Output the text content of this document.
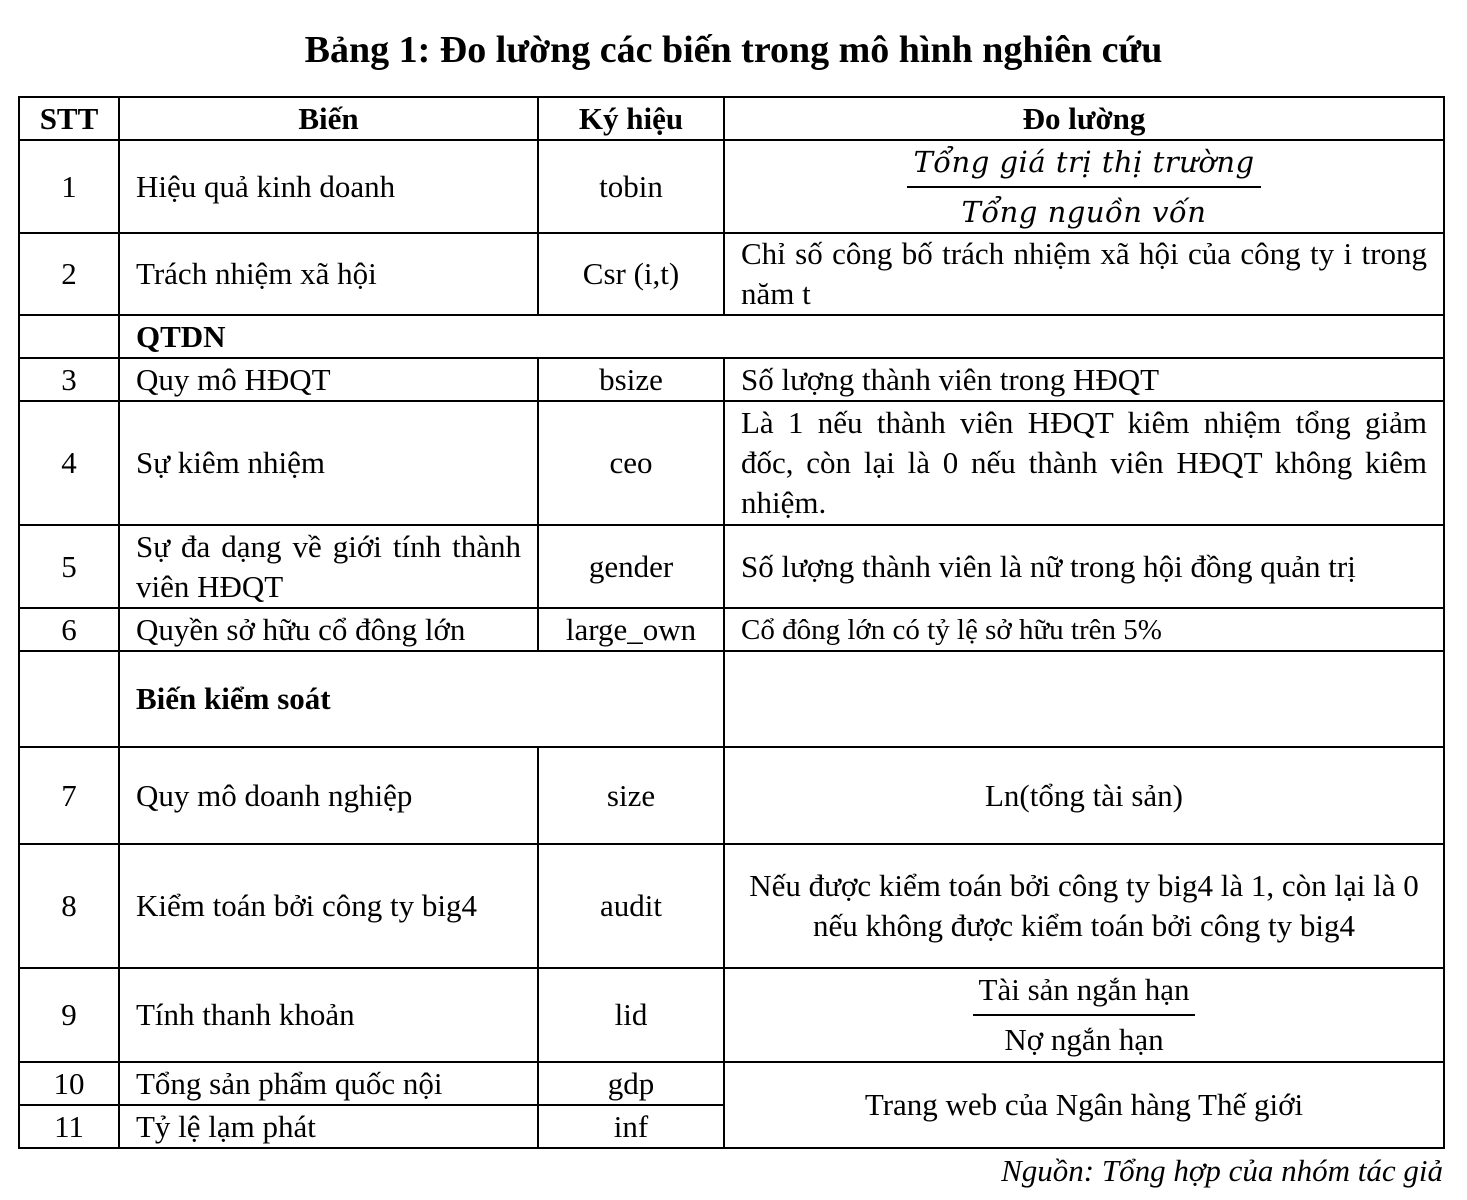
Bảng 1: Đo lường các biến trong mô hình nghiên cứu
STT	Biến	Ký hiệu	Đo lường
1	Hiệu quả kinh doanh	tobin	$\frac{\text{Tổng giá trị thị trường}}{\text{Tổng nguồn vốn}}$

2	Trách nhiệm xã hội	Csr (i,t)	Chỉ số công bố trách nhiệm xã hội của công ty i trong năm t
	QTDN		
3	Quy mô HĐQT	bsize	Số lượng thành viên trong HĐQT
4	Sự kiêm nhiệm	ceo	Là 1 nếu thành viên HĐQT kiêm nhiệm tổng giảm đốc, còn lại là 0 nếu thành viên HĐQT không kiêm nhiệm.
5	Sự đa dạng về giới tính thành viên HĐQT	gender	Số lượng thành viên là nữ trong hội đồng quản trị
6	Quyền sở hữu cổ đông lớn	large_own	Cổ đông lớn có tỷ lệ sở hữu trên 5%
	Biến kiểm soát		
7	Quy mô doanh nghiệp	size	Ln(tổng tài sản)
8	Kiểm toán bởi công ty big4	audit	Nếu được kiểm toán bởi công ty big4 là 1, còn lại là 0 nếu không được kiểm toán bởi công ty big4
9	Tính thanh khoản	lid	$\frac{\text{Tài sản ngắn hạn}}{\text{Nợ ngắn hạn}}$

10	Tổng sản phẩm quốc nội	gdp	Trang web của Ngân hàng Thế giới
11	Tỷ lệ lạm phát	inf	
Nguồn: Tổng hợp của nhóm tác giả
